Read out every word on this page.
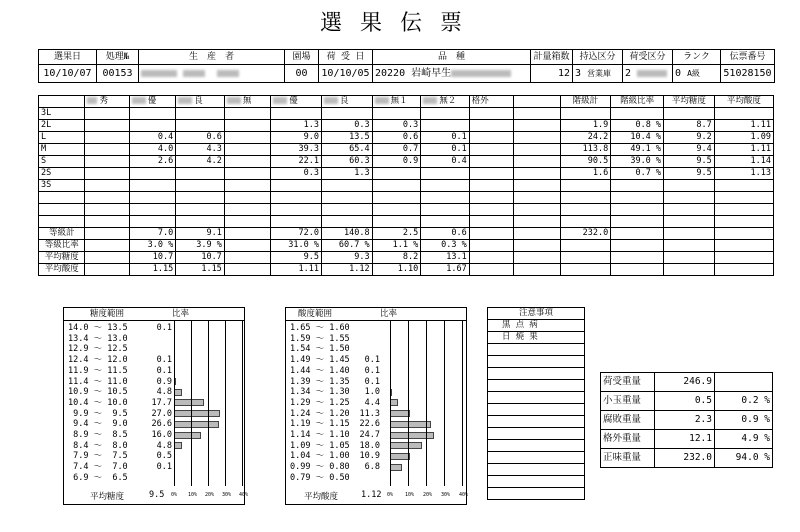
選果伝票
選果日	処理№	生　産　者	園場	荷 受 日	品　種	計量箱数	持込区分	荷受区分	ランク	伝票番号
10/10/07	00153		00	10/10/05	20220 岩崎早生	12	3 営業庫	2	0 A級	51028150
	秀	優	良	無	優	良	無１	無２	格外		階級計	階級比率	平均糖度	平均酸度
3L														
2L					1.3	0.3	0.3				1.9	0.8 %	8.7	1.11
L		0.4	0.6		9.0	13.5	0.6	0.1			24.2	10.4 %	9.2	1.09
M		4.0	4.3		39.3	65.4	0.7	0.1			113.8	49.1 %	9.4	1.11
S		2.6	4.2		22.1	60.3	0.9	0.4			90.5	39.0 %	9.5	1.14
2S					0.3	1.3					1.6	0.7 %	9.5	1.13
3S														

等級計		7.0	9.1		72.0	140.8	2.5	0.6			232.0			
等級比率		3.0 %	3.9 %		31.0 %	60.7 %	1.1 %	0.3 %						
平均糖度		10.7	10.7		9.5	9.3	8.2	13.1						
平均酸度		1.15	1.15		1.11	1.12	1.10	1.67						
糖度範囲	比率
14.0 ～ 13.5	0.1
13.4 ～ 13.0
12.9 ～ 12.5
12.4 ～ 12.0	0.1
11.9 ～ 11.5	0.1
11.4 ～ 11.0	0.9
10.9 ～ 10.5	4.8
10.4 ～ 10.0	17.7
9.9 ～  9.5	27.0
9.4 ～  9.0	26.6
8.9 ～  8.5	16.0
8.4 ～  8.0	4.8
7.9 ～  7.5	0.5
7.4 ～  7.0	0.1
6.9 ～  6.5
0% 10% 20% 30% 40%
平均糖度	9.5
酸度範囲	比率
1.65 ～ 1.60
1.59 ～ 1.55
1.54 ～ 1.50
1.49 ～ 1.45	0.1
1.44 ～ 1.40	0.1
1.39 ～ 1.35	0.1
1.34 ～ 1.30	1.0
1.29 ～ 1.25	4.4
1.24 ～ 1.20	11.3
1.19 ～ 1.15	22.6
1.14 ～ 1.10	24.7
1.09 ～ 1.05	18.0
1.04 ～ 1.00	10.9
0.99 ～ 0.80	6.8
0.79 ～ 0.50
0% 10% 20% 30% 40%
平均酸度	1.12
注意事項
黒 点 病
日 焼 果

荷受重量	246.9	
小玉重量	0.5	0.2 %
腐敗重量	2.3	0.9 %
格外重量	12.1	4.9 %
正味重量	232.0	94.0 %
